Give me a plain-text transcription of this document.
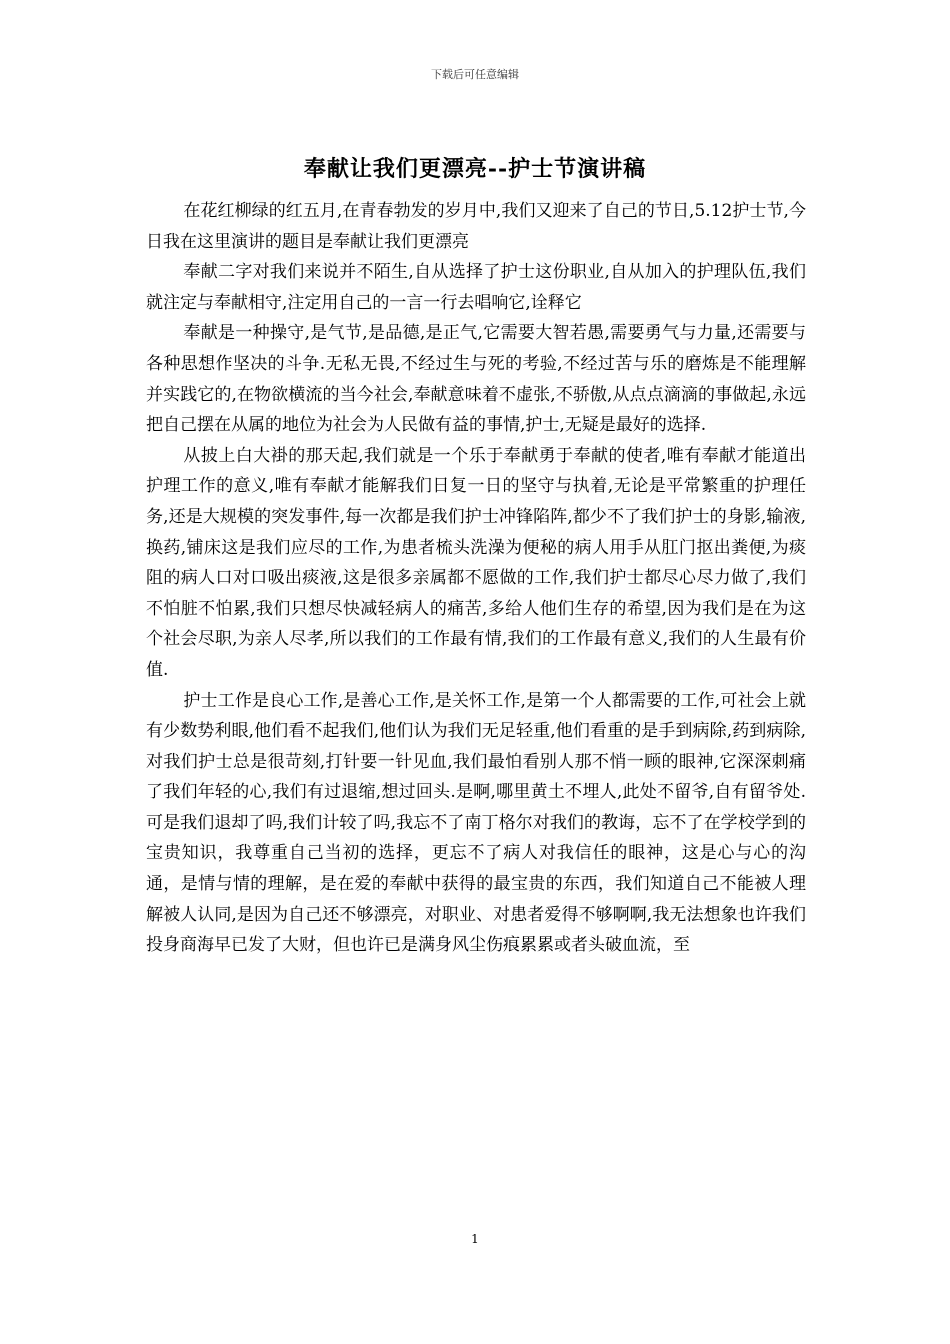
下载后可任意编辑
奉献让我们更漂亮--护士节演讲稿

在花红柳绿的红五月,在青春勃发的岁月中,我们又迎来了自己的节日,5.12护士节,今日我在这里演讲的题目是奉献让我们更漂亮

奉献二字对我们来说并不陌生,自从选择了护士这份职业,自从加入的护理队伍,我们就注定与奉献相守,注定用自己的一言一行去唱响它,诠释它

奉献是一种操守,是气节,是品德,是正气,它需要大智若愚,需要勇气与力量,还需要与各种思想作坚决的斗争.无私无畏,不经过生与死的考验,不经过苦与乐的磨炼是不能理解并实践它的,在物欲横流的当今社会,奉献意味着不虚张,不骄傲,从点点滴滴的事做起,永远把自己摆在从属的地位为社会为人民做有益的事情,护士,无疑是最好的选择.

从披上白大褂的那天起,我们就是一个乐于奉献勇于奉献的使者,唯有奉献才能道出护理工作的意义,唯有奉献才能解我们日复一日的坚守与执着,无论是平常繁重的护理任务,还是大规模的突发事件,每一次都是我们护士冲锋陷阵,都少不了我们护士的身影,输液,换药,铺床这是我们应尽的工作,为患者梳头洗澡为便秘的病人用手从肛门抠出粪便,为痰阻的病人口对口吸出痰液,这是很多亲属都不愿做的工作,我们护士都尽心尽力做了,我们不怕脏不怕累,我们只想尽快减轻病人的痛苦,多给人他们生存的希望,因为我们是在为这个社会尽职,为亲人尽孝,所以我们的工作最有情,我们的工作最有意义,我们的人生最有价值.

护士工作是良心工作,是善心工作,是关怀工作,是第一个人都需要的工作,可社会上就有少数势利眼,他们看不起我们,他们认为我们无足轻重,他们看重的是手到病除,药到病除,对我们护士总是很苛刻,打针要一针见血,我们最怕看别人那不悄一顾的眼神,它深深刺痛了我们年轻的心,我们有过退缩,想过回头.是啊,哪里黄土不埋人,此处不留爷,自有留爷处.可是我们退却了吗,我们计较了吗,我忘不了南丁格尔对我们的教诲，忘不了在学校学到的宝贵知识，我尊重自己当初的选择，更忘不了病人对我信任的眼神，这是心与心的沟通，是情与情的理解，是在爱的奉献中获得的最宝贵的东西，我们知道自己不能被人理解被人认同,是因为自己还不够漂亮，对职业、对患者爱得不够啊啊,我无法想象也许我们投身商海早已发了大财，但也许已是满身风尘伤痕累累或者头破血流，至

1
